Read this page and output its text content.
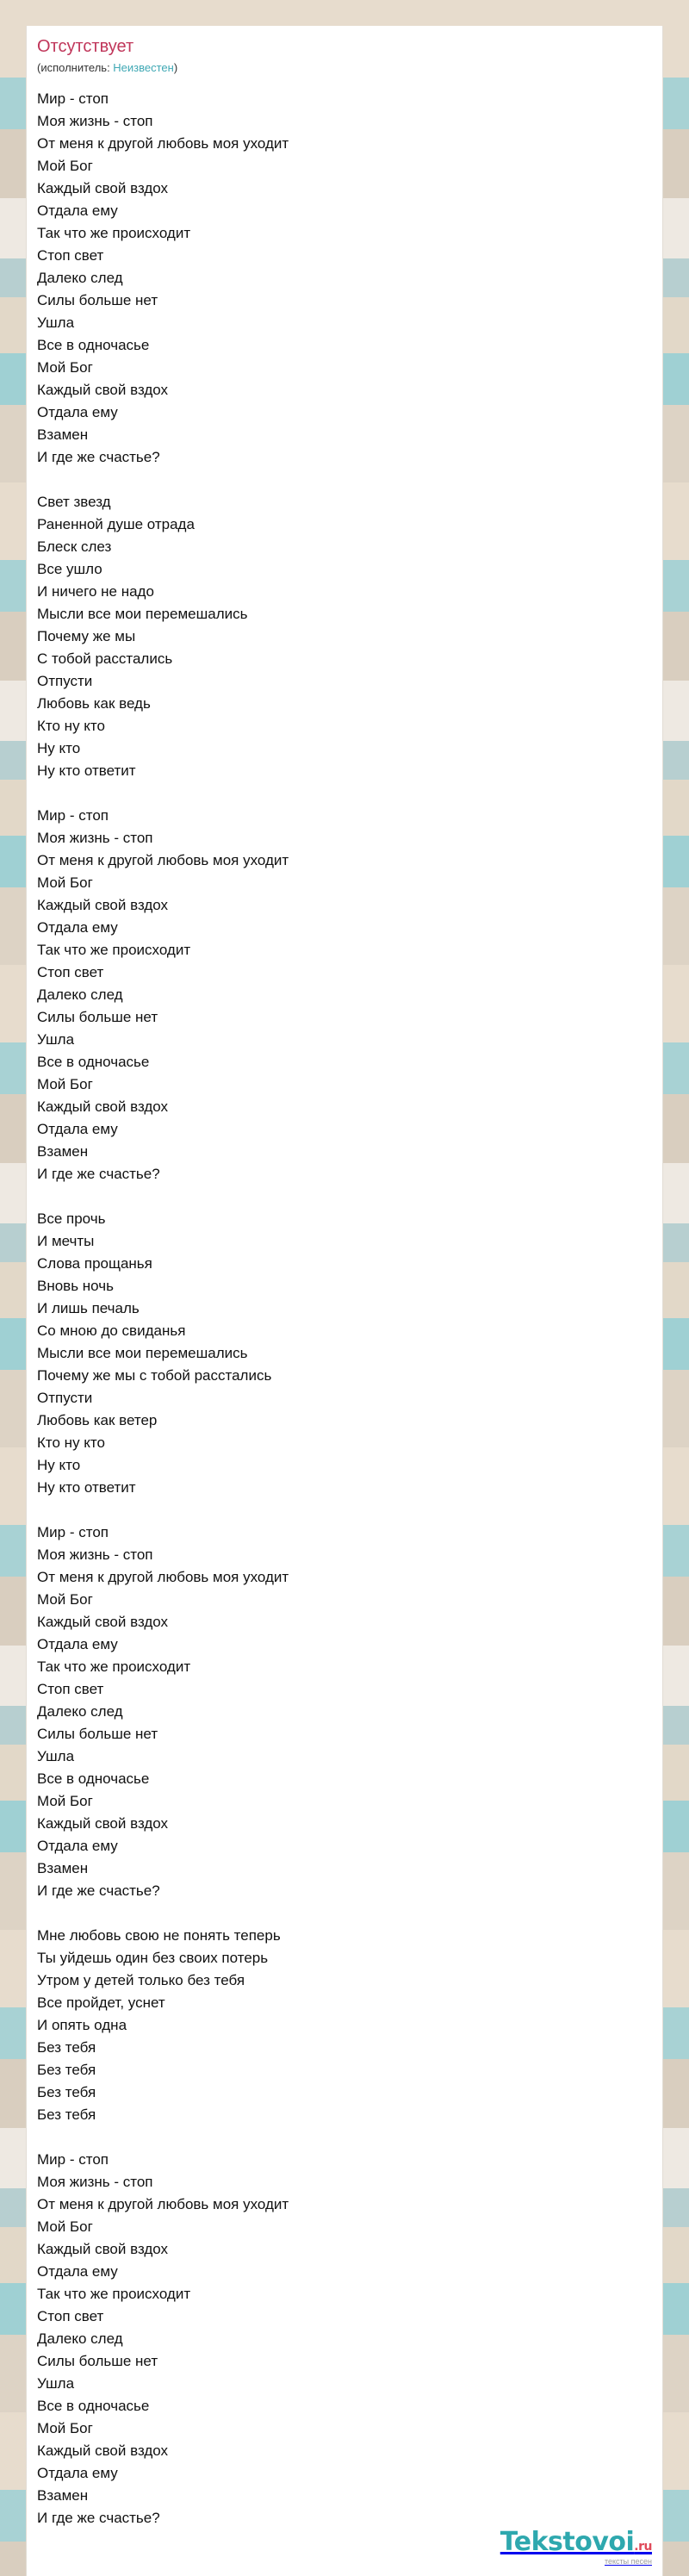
Отсутствует
(исполнитель: Неизвестен)
Мир - стоп
Моя жизнь - стоп
От меня к другой любовь моя уходит
Мой Бог
Каждый свой вздох
Отдала ему
Так что же происходит
Стоп свет
Далеко след
Силы больше нет
Ушла
Все в одночасье
Мой Бог
Каждый свой вздох
Отдала ему
Взамен
И где же счастье?

Свет звезд
Раненной душе отрада
Блеск слез
Все ушло
И ничего не надо
Мысли все мои перемешались
Почему же мы
С тобой расстались
Отпусти
Любовь как ведь
Кто ну кто
Ну кто
Ну кто ответит

Мир - стоп
Моя жизнь - стоп
От меня к другой любовь моя уходит
Мой Бог
Каждый свой вздох
Отдала ему
Так что же происходит
Стоп свет
Далеко след
Силы больше нет
Ушла
Все в одночасье
Мой Бог
Каждый свой вздох
Отдала ему
Взамен
И где же счастье?

Все прочь
И мечты
Слова прощанья
Вновь ночь
И лишь печаль
Со мною до свиданья
Мысли все мои перемешались
Почему же мы с тобой расстались
Отпусти
Любовь как ветер
Кто ну кто
Ну кто
Ну кто ответит

Мир - стоп
Моя жизнь - стоп
От меня к другой любовь моя уходит
Мой Бог
Каждый свой вздох
Отдала ему
Так что же происходит
Стоп свет
Далеко след
Силы больше нет
Ушла
Все в одночасье
Мой Бог
Каждый свой вздох
Отдала ему
Взамен
И где же счастье?

Мне любовь свою не понять теперь
Ты уйдешь один без своих потерь
Утром у детей только без тебя
Все пройдет, уснет
И опять одна
Без тебя
Без тебя
Без тебя
Без тебя

Мир - стоп
Моя жизнь - стоп
От меня к другой любовь моя уходит
Мой Бог
Каждый свой вздох
Отдала ему
Так что же происходит
Стоп свет
Далеко след
Силы больше нет
Ушла
Все в одночасье
Мой Бог
Каждый свой вздох
Отдала ему
Взамен
И где же счастье?
Tekstovoi.ru
тексты песен
